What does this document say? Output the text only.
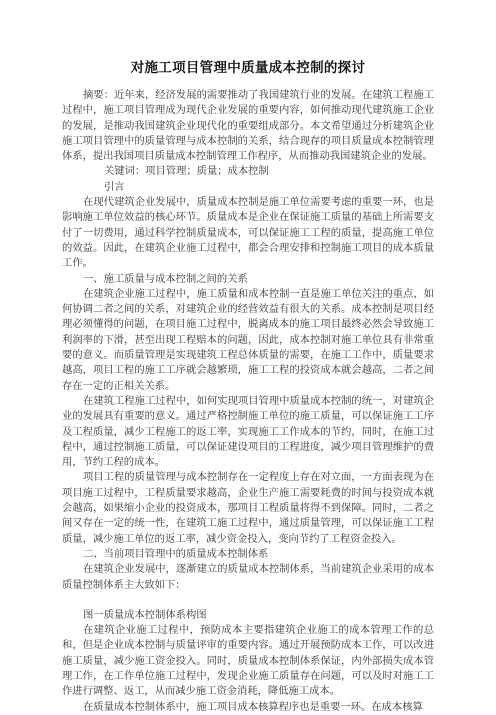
对施工项目管理中质量成本控制的探讨

摘要：近年来，经济发展的需要推动了我国建筑行业的发展。在建筑工程施工过程中，施工项目管理成为现代企业发展的重要内容，如何推动现代建筑施工企业的发展，是推动我国建筑企业现代化的重要组成部分。本文希望通过分析建筑企业施工项目管理中的质量管理与成本控制的关系，结合现存的项目质量成本控制管理体系，提出我国项目质量成本控制管理工作程序，从而推动我国建筑企业的发展。

关键词：项目管理；质量；成本控制

引言

在现代建筑企业发展中，质量成本控制是施工单位需要考虑的重要一环，也是影响施工单位效益的核心环节。质量成本是企业在保证施工质量的基础上所需要支付了一切费用，通过科学控制质量成本，可以保证施工工程的质量，提高施工单位的效益。因此，在建筑企业施工过程中，都会合理安排和控制施工项目的成本质量工作。

一、施工质量与成本控制之间的关系

在建筑企业施工过程中，施工质量和成本控制一直是施工单位关注的重点，如何协调二者之间的关系，对建筑企业的经营效益有很大的关系。成本控制是项目经理必须懂得的问题，在项目施工过程中，脱离成本的施工项目最终必然会导致施工利润率的下滑，甚至出现工程赔本的问题，因此，成本控制对施工单位具有非常重要的意义。而质量管理是实现建筑工程总体质量的需要，在施工工作中，质量要求越高，项目工程的施工工序就会越繁琐，施工工程的投资成本就会越高，二者之间存在一定的正相关关系。

在建筑工程施工过程中，如何实现项目管理中质量成本控制的统一，对建筑企业的发展具有重要的意义。通过严格控制施工单位的施工质量，可以保证施工工序及工程质量，减少工程施工的返工率，实现施工工作成本的节约，同时，在施工过程中，通过控制施工质量，可以保证建设项目的工程进度，减少项目管理维护的费用，节约工程的成本。

项目工程的质量管理与成本控制存在一定程度上存在对立面，一方面表现为在项目施工过程中，工程质量要求越高，企业生产施工需要耗费的时间与投资成本就会越高，如果缩小企业的投资成本，那项目工程质量将得不到保障。同时，二者之间又存在一定的统一性，在建筑工施工过程中，通过质量管理，可以保证施工工程质量，减少施工单位的返工率，减少资金投入，变向节约了工程资金投入。

二、当前项目管理中的质量成本控制体系

在建筑企业发展中，逐渐建立的质量成本控制体系，当前建筑企业采用的成本质量控制体系主大致如下：

图一质量成本控制体系构图

在建筑企业施工过程中，预防成本主要指建筑企业施工的成本管理工作的总和，但是企业成本控制与质量评审的重要内容。通过开展预防成本工作，可以改进施工质量，减少施工资金投入。同时，质量成本控制体系保证，内外部损失成本管理工作，在工作单位施工过程中，发现企业施工质量存在问题，可以及时对施工工作进行调整、返工，从而减少施工资金消耗，降低施工成本。

在质量成本控制体系中，施工项目成本核算程序也是重要一环。在成本核算
